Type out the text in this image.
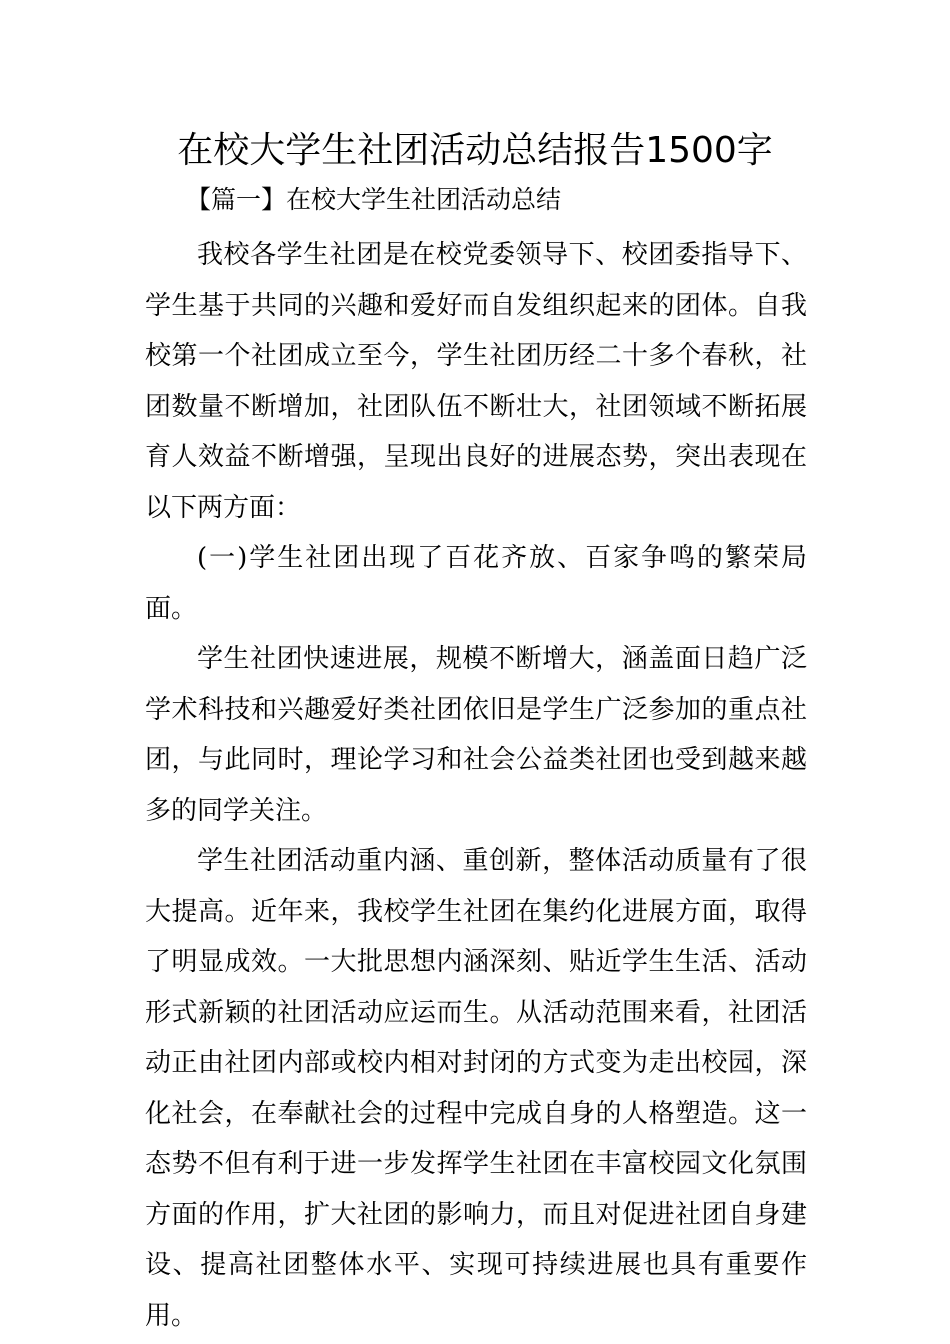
在校大学生社团活动总结报告1500字
【篇一】在校大学生社团活动总结

我校各学生社团是在校党委领导下、校团委指导下、学生基于共同的兴趣和爱好而自发组织起来的团体。自我校第一个社团成立至今，学生社团历经二十多个春秋，社团数量不断增加，社团队伍不断壮大，社团领域不断拓展育人效益不断增强，呈现出良好的进展态势，突出表现在以下两方面：

(一)学生社团出现了百花齐放、百家争鸣的繁荣局面。

学生社团快速进展，规模不断增大，涵盖面日趋广泛学术科技和兴趣爱好类社团依旧是学生广泛参加的重点社团，与此同时，理论学习和社会公益类社团也受到越来越多的同学关注。

学生社团活动重内涵、重创新，整体活动质量有了很大提高。近年来，我校学生社团在集约化进展方面，取得了明显成效。一大批思想内涵深刻、贴近学生生活、活动形式新颖的社团活动应运而生。从活动范围来看，社团活动正由社团内部或校内相对封闭的方式变为走出校园，深化社会，在奉献社会的过程中完成自身的人格塑造。这一态势不但有利于进一步发挥学生社团在丰富校园文化氛围方面的作用，扩大社团的影响力，而且对促进社团自身建设、提高社团整体水平、实现可持续进展也具有重要作用。
